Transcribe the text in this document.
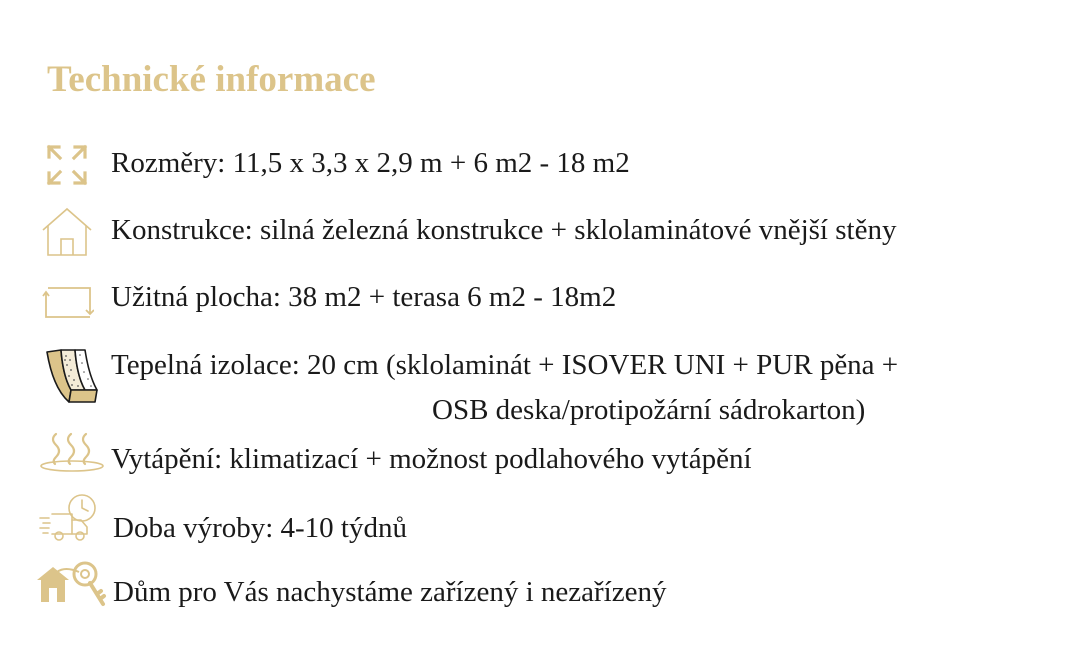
Technické informace
Rozměry: 11,5 x 3,3 x 2,9 m + 6 m2 - 18 m2
Konstrukce: silná železná konstrukce + sklolaminátové vnější stěny
Užitná plocha: 38 m2 + terasa 6 m2 - 18m2
Tepelná izolace: 20 cm (sklolaminát + ISOVER UNI + PUR pěna +
OSB deska/protipožární sádrokarton)
Vytápění: klimatizací + možnost podlahového vytápění
Doba výroby: 4-10 týdnů
Dům pro Vás nachystáme zařízený i nezařízený
